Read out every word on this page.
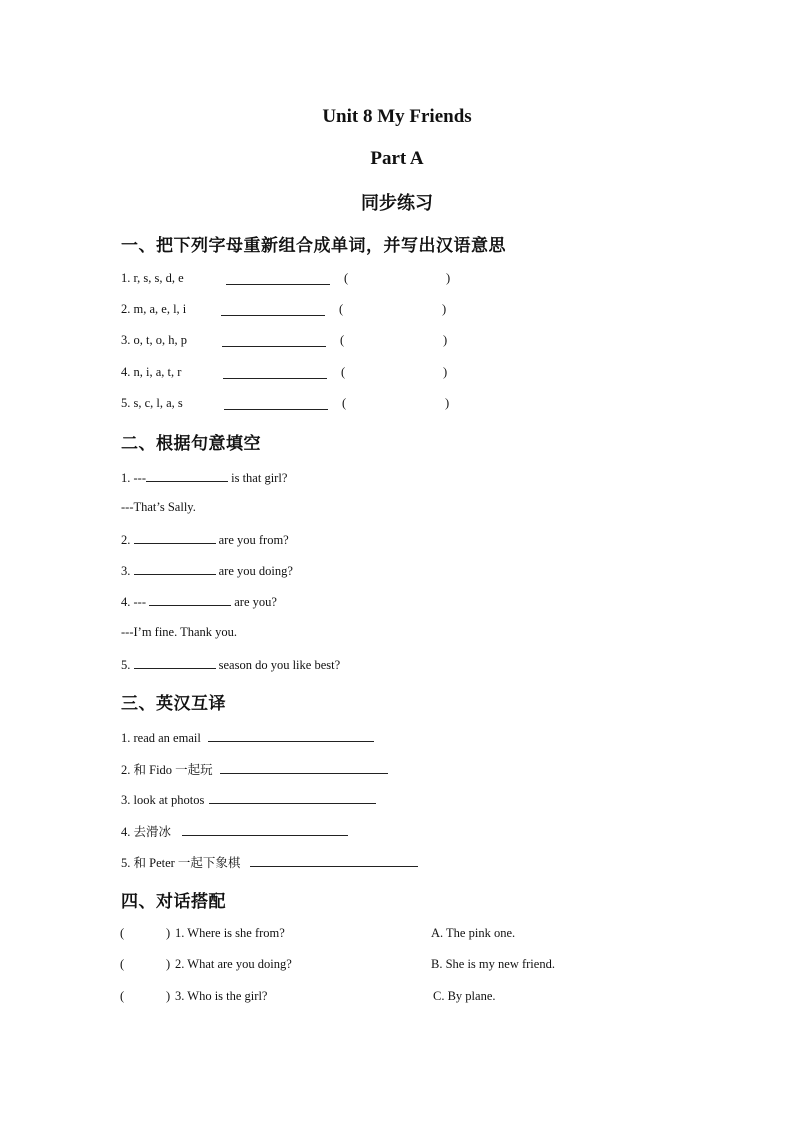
Unit 8 My Friends
Part A
同步练习
一、把下列字母重新组合成单词，并写出汉语意思
1. r, s, s, d, e	(	)
2. m, a, e, l, i	(	)
3. o, t, o, h, p	(	)
4. n, i, a, t, r	(	)
5. s, c, l, a, s	(	)
二、根据句意填空
1. ---	is that girl?
---That’s Sally.
2.	are you from?
3.	are you doing?
4. ---	are you?
---I’m fine. Thank you.
5.	season do you like best?
三、英汉互译
1. read an email
2. 和 Fido 一起玩
3. look at photos
4. 去滑冰
5. 和 Peter 一起下象棋
四、对话搭配
(	) 1. Where is she from?	A. The pink one.
(	) 2. What are you doing?	B. She is my new friend.
(	) 3. Who is the girl?	C. By plane.
